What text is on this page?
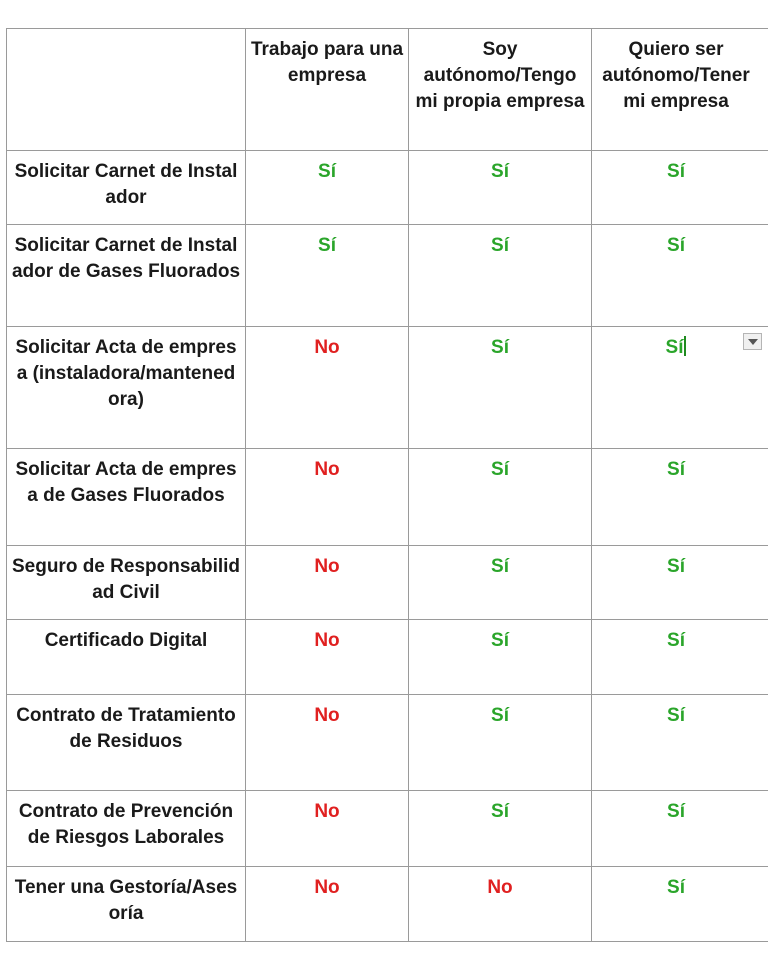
	Trabajo para una empresa	Soy autónomo/Tengo mi propia empresa	Quiero ser autónomo/Tener mi empresa
Solicitar Carnet de Instalador	Sí	Sí	Sí
Solicitar Carnet de Instalador de Gases Fluorados	Sí	Sí	Sí
Solicitar Acta de empresa (instaladora/mantenedora)	No	Sí	Sí

Solicitar Acta de empresa de Gases Fluorados	No	Sí	Sí
Seguro de Responsabilidad Civil	No	Sí	Sí
Certificado Digital	No	Sí	Sí
Contrato de Tratamiento de Residuos	No	Sí	Sí
Contrato de Prevención de Riesgos Laborales	No	Sí	Sí
Tener una Gestoría/Asesoría	No	No	Sí
